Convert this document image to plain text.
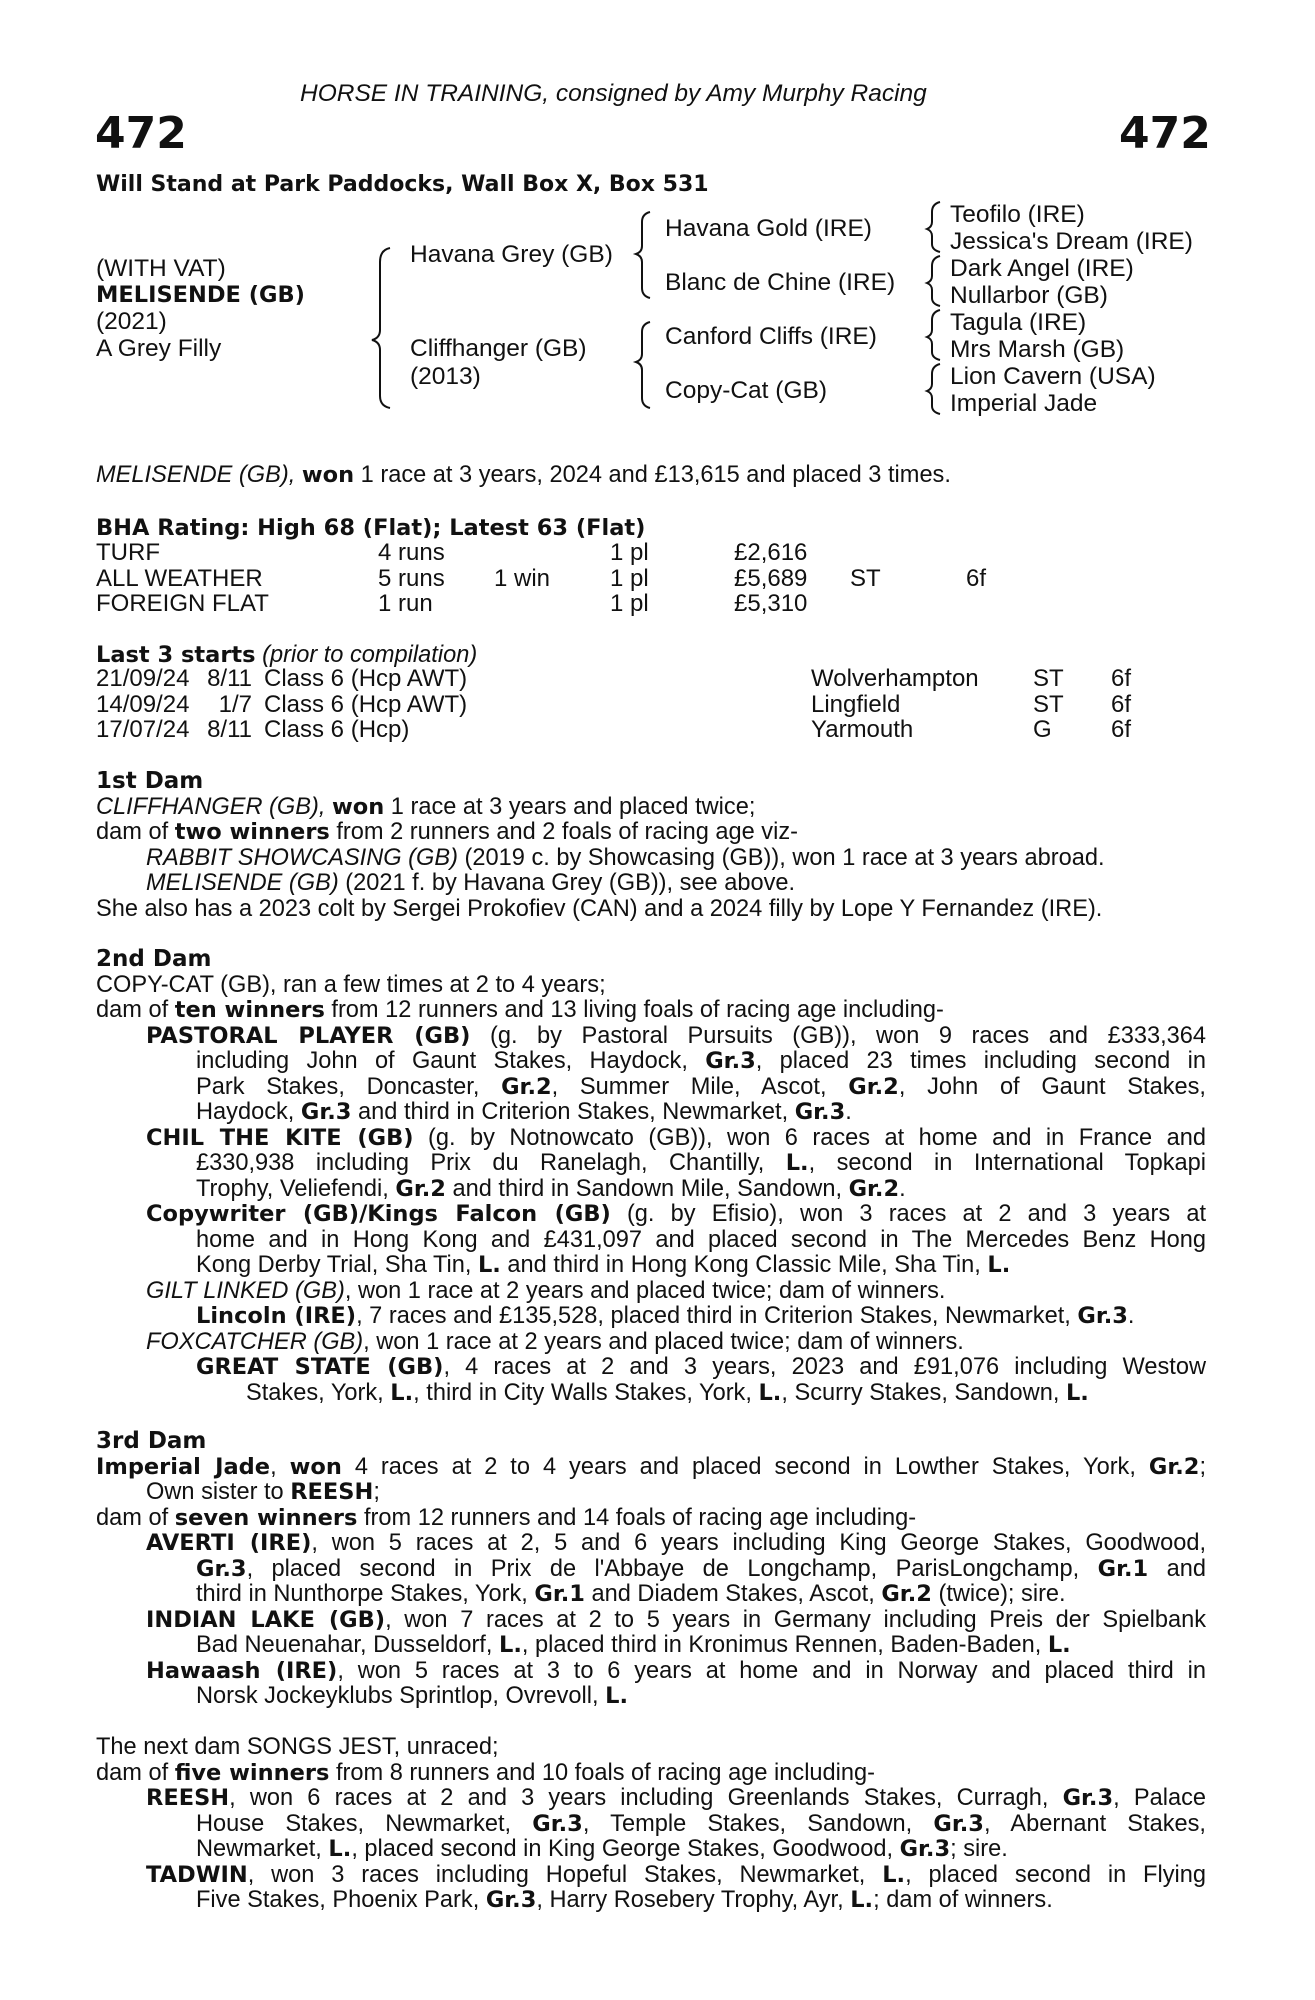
HORSE IN TRAINING, consigned by Amy Murphy Racing
472	472
Will Stand at Park Paddocks, Wall Box X, Box 531
(WITH VAT)
MELISENDE (GB)
(2021)
A Grey Filly
Havana Grey (GB)
Cliffhanger (GB)
(2013)
Havana Gold (IRE)
Blanc de Chine (IRE)
Canford Cliffs (IRE)
Copy-Cat (GB)
Teofilo (IRE)
Jessica's Dream (IRE)
Dark Angel (IRE)
Nullarbor (GB)
Tagula (IRE)
Mrs Marsh (GB)
Lion Cavern (USA)
Imperial Jade
MELISENDE (GB), won 1 race at 3 years, 2024 and £13,615 and placed 3 times.
BHA Rating: High 68 (Flat); Latest 63 (Flat)
TURF	4 runs		1 pl	£2,616		
ALL WEATHER	5 runs	1 win	1 pl	£5,689	ST	6f
FOREIGN FLAT	1 run		1 pl	£5,310		
Last 3 starts (prior to compilation)
21/09/24	8/11	Class 6 (Hcp AWT)	Wolverhampton	ST	6f
14/09/24	1/7	Class 6 (Hcp AWT)	Lingfield	ST	6f
17/07/24	8/11	Class 6 (Hcp)	Yarmouth	G	6f
1st Dam
CLIFFHANGER (GB), won 1 race at 3 years and placed twice;
dam of two winners from 2 runners and 2 foals of racing age viz-
RABBIT SHOWCASING (GB) (2019 c. by Showcasing (GB)), won 1 race at 3 years abroad.
MELISENDE (GB) (2021 f. by Havana Grey (GB)), see above.
She also has a 2023 colt by Sergei Prokofiev (CAN) and a 2024 filly by Lope Y Fernandez (IRE).
2nd Dam
COPY-CAT (GB), ran a few times at 2 to 4 years;
dam of ten winners from 12 runners and 13 living foals of racing age including-
PASTORAL PLAYER (GB) (g. by Pastoral Pursuits (GB)), won 9 races and £333,364
including John of Gaunt Stakes, Haydock, Gr.3, placed 23 times including second in
Park Stakes, Doncaster, Gr.2, Summer Mile, Ascot, Gr.2, John of Gaunt Stakes,
Haydock, Gr.3 and third in Criterion Stakes, Newmarket, Gr.3.
CHIL THE KITE (GB) (g. by Notnowcato (GB)), won 6 races at home and in France and
£330,938 including Prix du Ranelagh, Chantilly, L., second in International Topkapi
Trophy, Veliefendi, Gr.2 and third in Sandown Mile, Sandown, Gr.2.
Copywriter (GB)/Kings Falcon (GB) (g. by Efisio), won 3 races at 2 and 3 years at
home and in Hong Kong and £431,097 and placed second in The Mercedes Benz Hong
Kong Derby Trial, Sha Tin, L. and third in Hong Kong Classic Mile, Sha Tin, L.
GILT LINKED (GB), won 1 race at 2 years and placed twice; dam of winners.
Lincoln (IRE), 7 races and £135,528, placed third in Criterion Stakes, Newmarket, Gr.3.
FOXCATCHER (GB), won 1 race at 2 years and placed twice; dam of winners.
GREAT STATE (GB), 4 races at 2 and 3 years, 2023 and £91,076 including Westow
Stakes, York, L., third in City Walls Stakes, York, L., Scurry Stakes, Sandown, L.
3rd Dam
Imperial Jade, won 4 races at 2 to 4 years and placed second in Lowther Stakes, York, Gr.2;
Own sister to REESH;
dam of seven winners from 12 runners and 14 foals of racing age including-
AVERTI (IRE), won 5 races at 2, 5 and 6 years including King George Stakes, Goodwood,
Gr.3, placed second in Prix de l'Abbaye de Longchamp, ParisLongchamp, Gr.1 and
third in Nunthorpe Stakes, York, Gr.1 and Diadem Stakes, Ascot, Gr.2 (twice); sire.
INDIAN LAKE (GB), won 7 races at 2 to 5 years in Germany including Preis der Spielbank
Bad Neuenahar, Dusseldorf, L., placed third in Kronimus Rennen, Baden-Baden, L.
Hawaash (IRE), won 5 races at 3 to 6 years at home and in Norway and placed third in
Norsk Jockeyklubs Sprintlop, Ovrevoll, L.
The next dam SONGS JEST, unraced;
dam of five winners from 8 runners and 10 foals of racing age including-
REESH, won 6 races at 2 and 3 years including Greenlands Stakes, Curragh, Gr.3, Palace
House Stakes, Newmarket, Gr.3, Temple Stakes, Sandown, Gr.3, Abernant Stakes,
Newmarket, L., placed second in King George Stakes, Goodwood, Gr.3; sire.
TADWIN, won 3 races including Hopeful Stakes, Newmarket, L., placed second in Flying
Five Stakes, Phoenix Park, Gr.3, Harry Rosebery Trophy, Ayr, L.; dam of winners.
